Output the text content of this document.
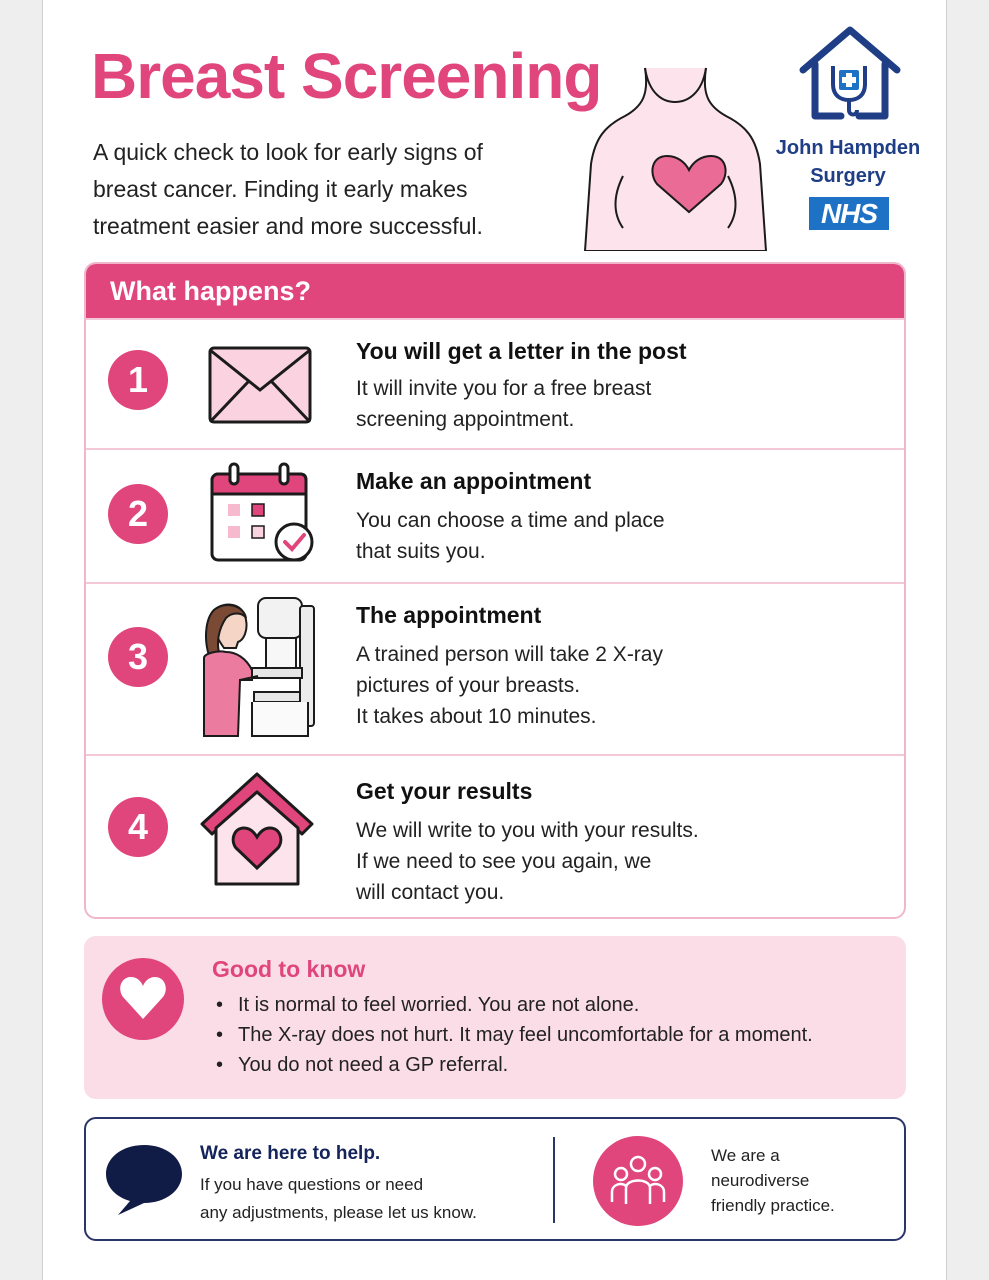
Breast Screening
A quick check to look for early signs of
breast cancer. Finding it early makes
treatment easier and more successful.
John Hampden
Surgery
NHS
What happens?
1
You will get a letter in the post
It will invite you for a free breast
screening appointment.
2
Make an appointment
You can choose a time and place
that suits you.
3
The appointment
A trained person will take 2 X-ray
pictures of your breasts.
It takes about 10 minutes.
4
Get your results
We will write to you with your results.
If we need to see you again, we
will contact you.
Good to know
• It is normal to feel worried. You are not alone.
• The X-ray does not hurt. It may feel uncomfortable for a moment.
• You do not need a GP referral.
We are here to help.
If you have questions or need
any adjustments, please let us know.
We are a
neurodiverse
friendly practice.
